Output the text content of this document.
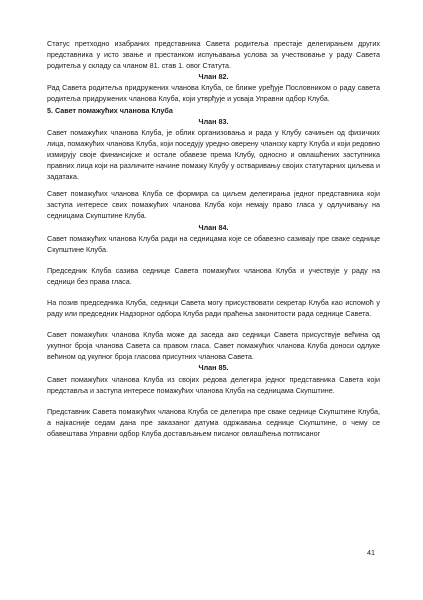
Статус претходно изабраних представника Савета родитеља престаје делегирањем других представника у исто звање и престанком испуњавања услова за учествовање у раду Савета родитеља у складу са чланом 81. став 1. овог Статута.

Члан 82.

Рад Савета родитеља придружених чланова Клуба, се ближе уређује Пословником о раду савета родитеља придружених чланова Клуба, који утврђује и усваја Управни одбор Клуба.

5. Савет помажућих чланова Клуба

Члан 83.

Савет помажућих чланова Клуба, је облик организовања и рада у Клубу сачињен од физичких лица, помажућих чланова Клуба, који поседују уредно оверену чланску карту Клуба и који редовно измирују своје финансијске и остале обавезе према Клубу, односно и овлашћених заступника правних лица који на различите начине помажу Клубу у остваривању својих статутарних циљева и задатака.

Савет помажућих чланова Клуба се формира са циљем делегирања једног представника који заступа интересе свих помажућих чланова Клуба који немају право гласа у одлучивању на седницама Скупштине Клуба.

Члан 84.

Савет помажућих чланова Клуба ради на седницама које се обавезно сазивају пре сваке седнице Скупштине Клуба.

Председник Клуба сазива седнице Савета помажућих чланова Клуба и учествује у раду на седници без права гласа.

На позив председника Клуба, седници Савета могу присуствовати секретар Клуба као испомоћ у раду или председник Надзорног одбора Клуба ради праћења законитости рада седнице Савета.

Савет помажућих чланова Клуба може да заседа ако седници Савета присуствује већина од укупног броја чланова Савета са правом гласа. Савет помажућих чланова Клуба доноси одлуке већином од укупног броја гласова присутних чланова Савета.

Члан 85.

Савет помажућих чланова Клуба из својих редова делегира једног представника Савета који представља и заступа интересе помажућих чланова Клуба на седницама Скупштине.

Представник Савета помажућих чланова Клуба се делегира пре сваке седнице Скупштине Клуба, а најкасније седам дана пре заказаног датума одржавања седнице Скупштине, о чему се обавештава Управни одбор Клуба достављањем писаног овлашћења потписаног

41
